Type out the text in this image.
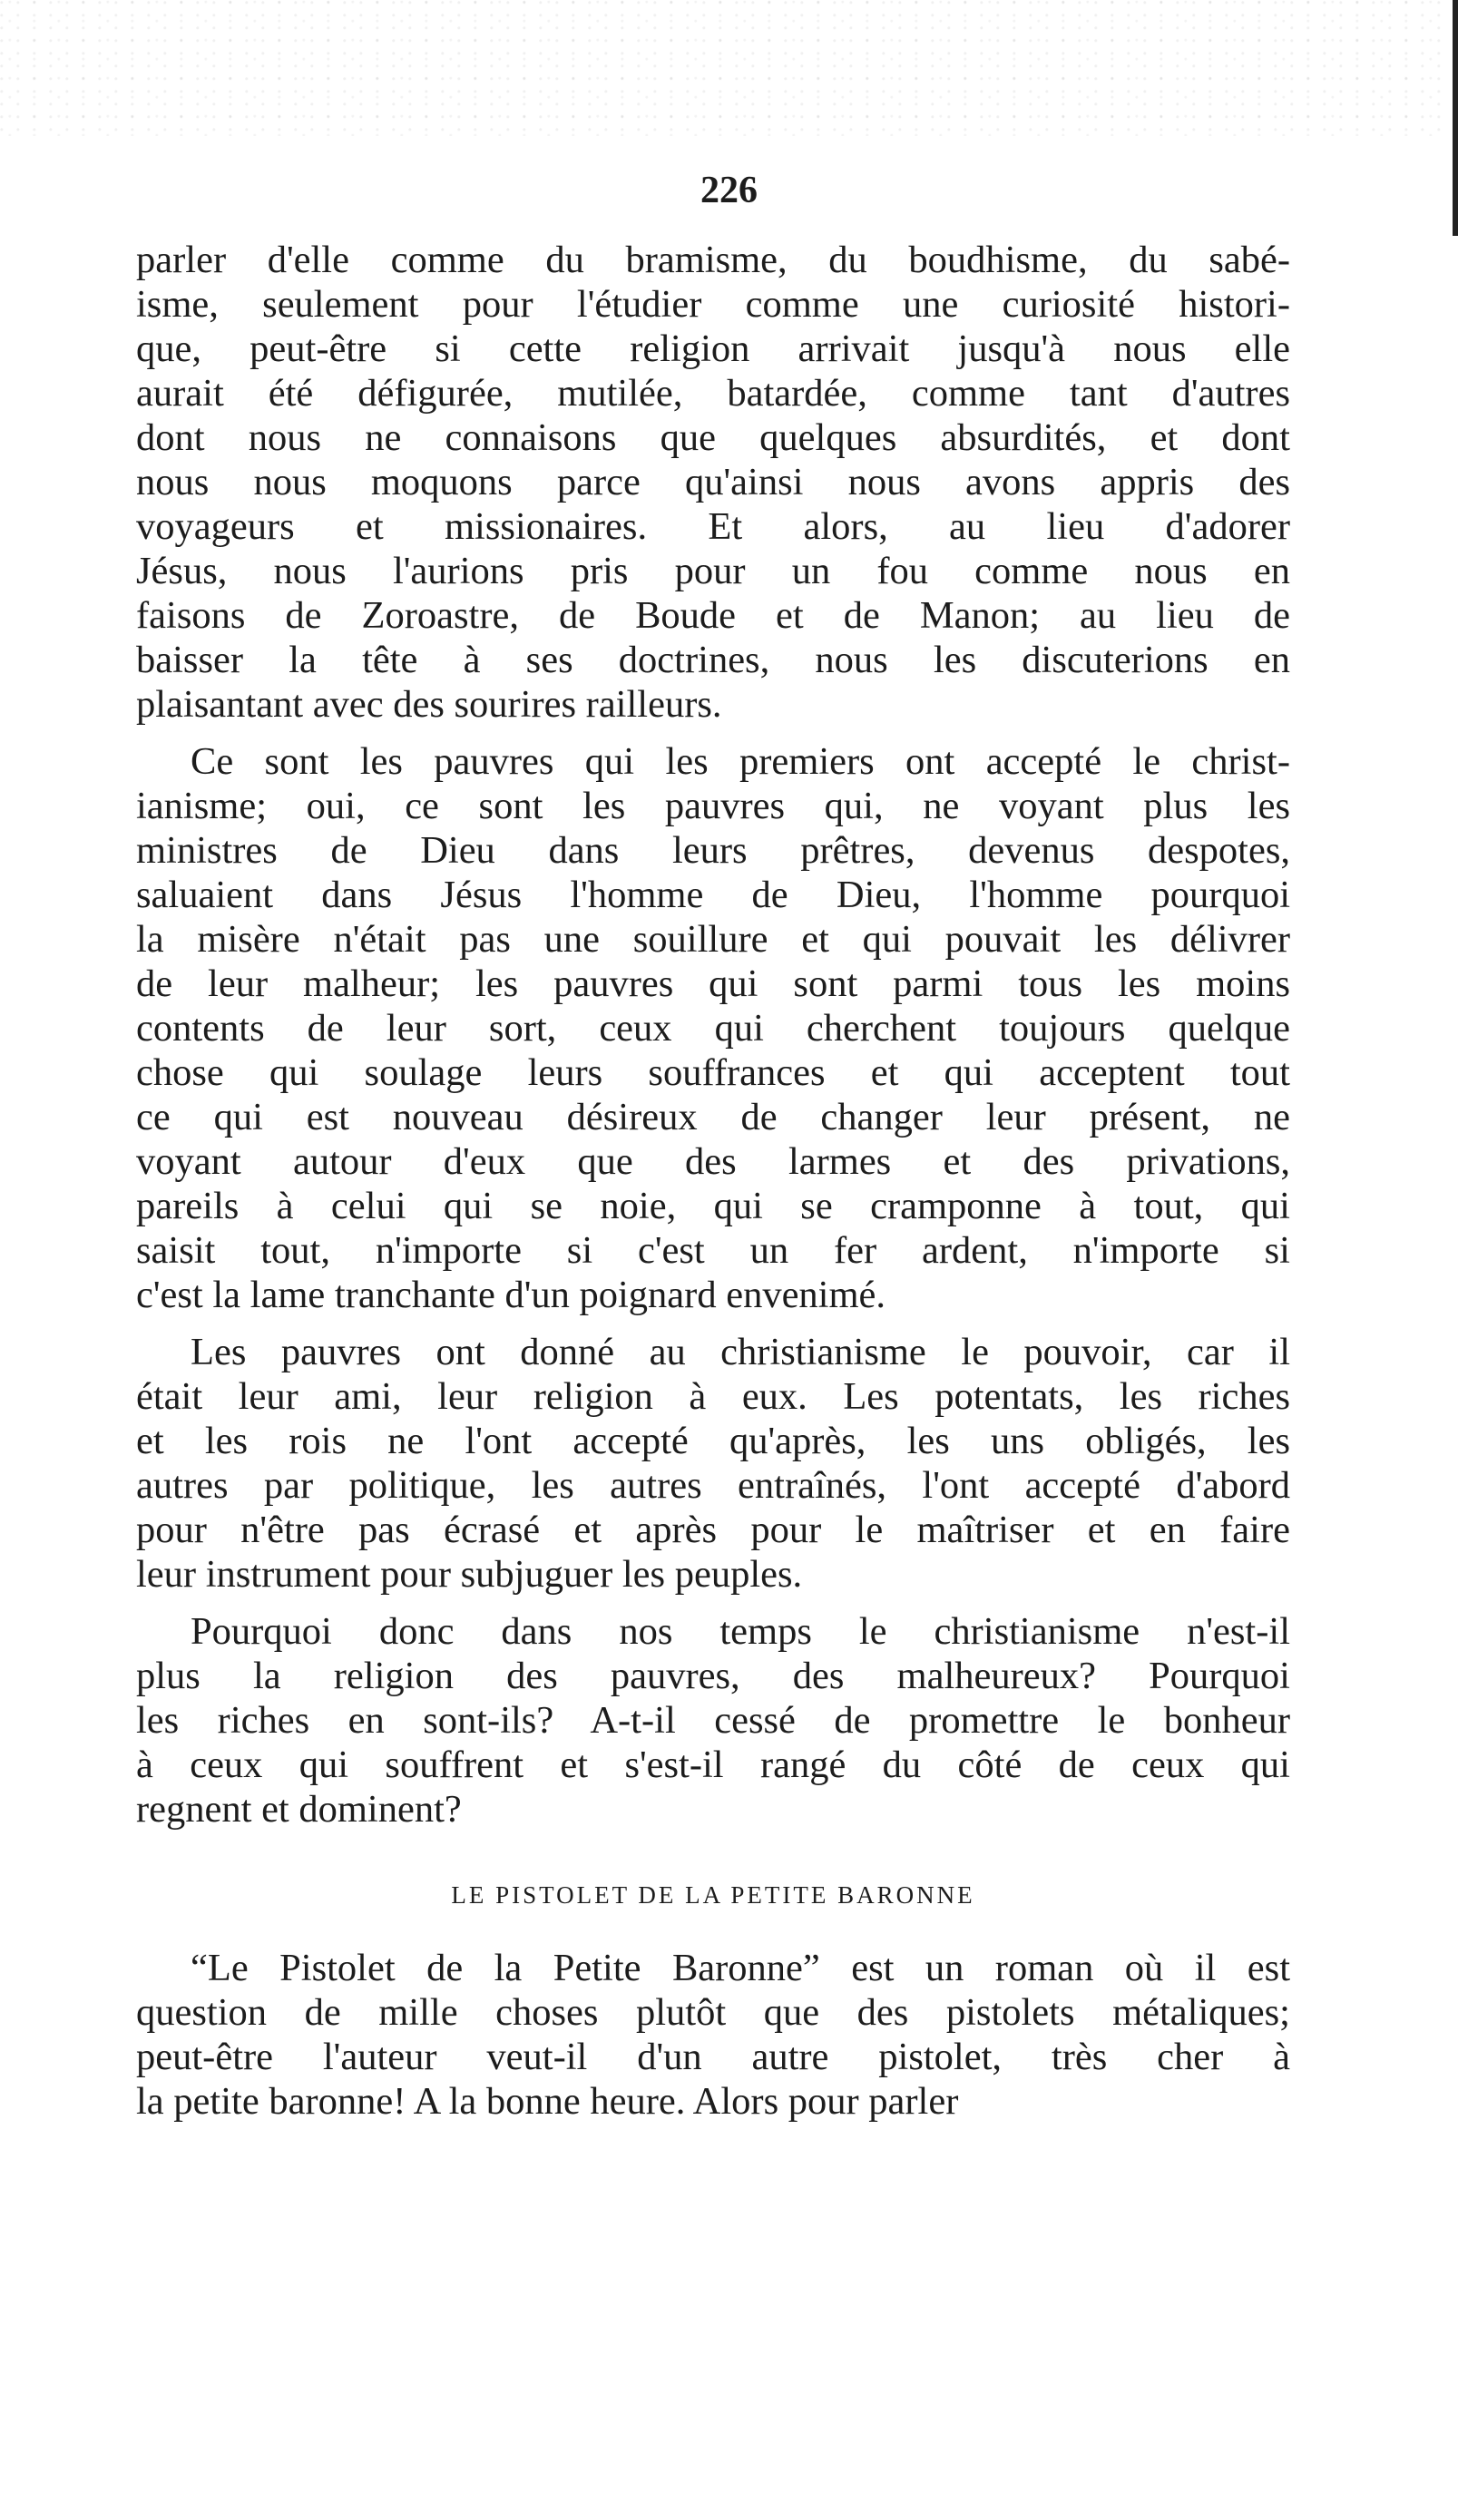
226
parler d'elle comme du bramisme, du boudhisme, du sabé-
isme, seulement pour l'étudier comme une curiosité histori-
que, peut-être si cette religion arrivait jusqu'à nous elle
aurait été défigurée, mutilée, batardée, comme tant d'autres
dont nous ne connaisons que quelques absurdités, et dont
nous nous moquons parce qu'ainsi nous avons appris des
voyageurs et missionaires. Et alors, au lieu d'adorer
Jésus, nous l'aurions pris pour un fou comme nous en
faisons de Zoroastre, de Boude et de Manon; au lieu de
baisser la tête à ses doctrines, nous les discuterions en
plaisantant avec des sourires railleurs.
Ce sont les pauvres qui les premiers ont accepté le christ-
ianisme; oui, ce sont les pauvres qui, ne voyant plus les
ministres de Dieu dans leurs prêtres, devenus despotes,
saluaient dans Jésus l'homme de Dieu, l'homme pourquoi
la misère n'était pas une souillure et qui pouvait les délivrer
de leur malheur; les pauvres qui sont parmi tous les moins
contents de leur sort, ceux qui cherchent toujours quelque
chose qui soulage leurs souffrances et qui acceptent tout
ce qui est nouveau désireux de changer leur présent, ne
voyant autour d'eux que des larmes et des privations,
pareils à celui qui se noie, qui se cramponne à tout, qui
saisit tout, n'importe si c'est un fer ardent, n'importe si
c'est la lame tranchante d'un poignard envenimé.
Les pauvres ont donné au christianisme le pouvoir, car il
était leur ami, leur religion à eux. Les potentats, les riches
et les rois ne l'ont accepté qu'après, les uns obligés, les
autres par politique, les autres entraînés, l'ont accepté d'abord
pour n'être pas écrasé et après pour le maîtriser et en faire
leur instrument pour subjuguer les peuples.
Pourquoi donc dans nos temps le christianisme n'est-il
plus la religion des pauvres, des malheureux? Pourquoi
les riches en sont-ils? A-t-il cessé de promettre le bonheur
à ceux qui souffrent et s'est-il rangé du côté de ceux qui
regnent et dominent?
LE PISTOLET DE LA PETITE BARONNE
“Le Pistolet de la Petite Baronne” est un roman où il est
question de mille choses plutôt que des pistolets métaliques;
peut-être l'auteur veut-il d'un autre pistolet, très cher à
la petite baronne! A la bonne heure. Alors pour parler
